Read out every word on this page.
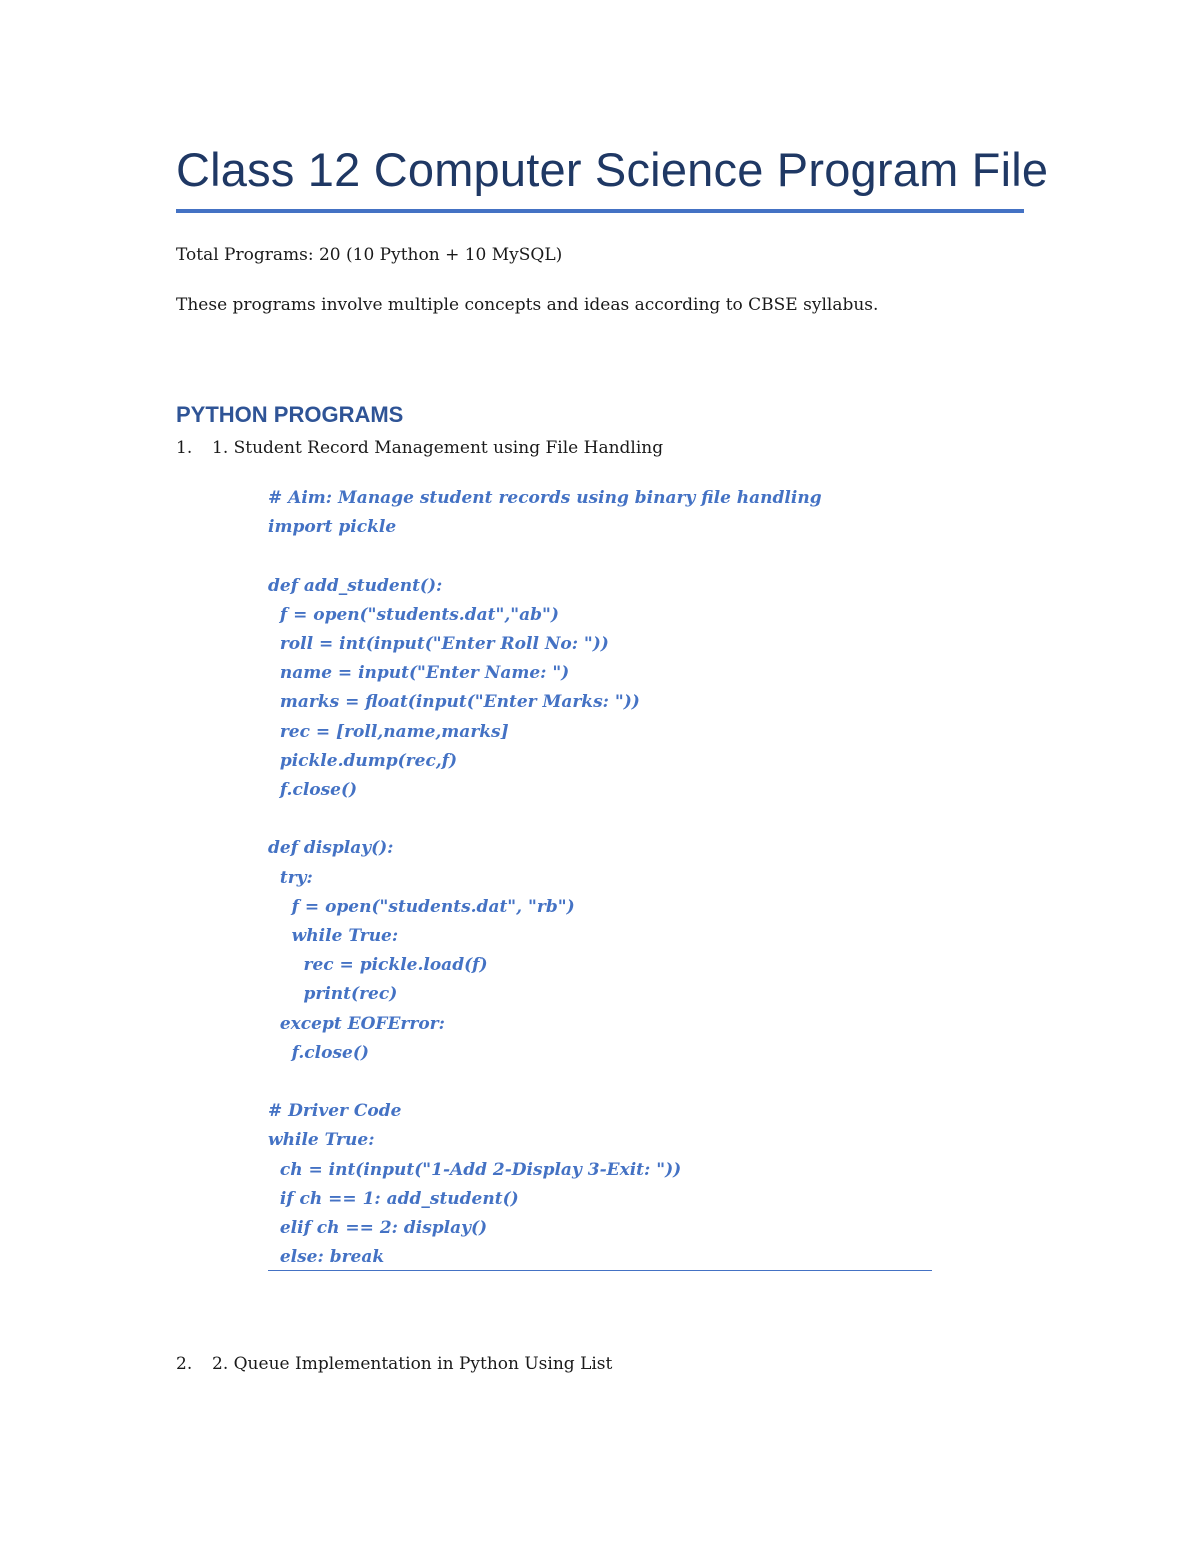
Class 12 Computer Science Program File
Total Programs: 20 (10 Python + 10 MySQL)
These programs involve multiple concepts and ideas according to CBSE syllabus.
PYTHON PROGRAMS
1. 1. Student Record Management using File Handling
# Aim: Manage student records using binary file handling
import pickle

def add_student():
f = open("students.dat","ab")
roll = int(input("Enter Roll No: "))
name = input("Enter Name: ")
marks = float(input("Enter Marks: "))
rec = [roll,name,marks]
pickle.dump(rec,f)
f.close()

def display():
try:
f = open("students.dat", "rb")
while True:
rec = pickle.load(f)
print(rec)
except EOFError:
f.close()

# Driver Code
while True:
ch = int(input("1-Add 2-Display 3-Exit: "))
if ch == 1: add_student()
elif ch == 2: display()
else: break
2. 2. Queue Implementation in Python Using List
